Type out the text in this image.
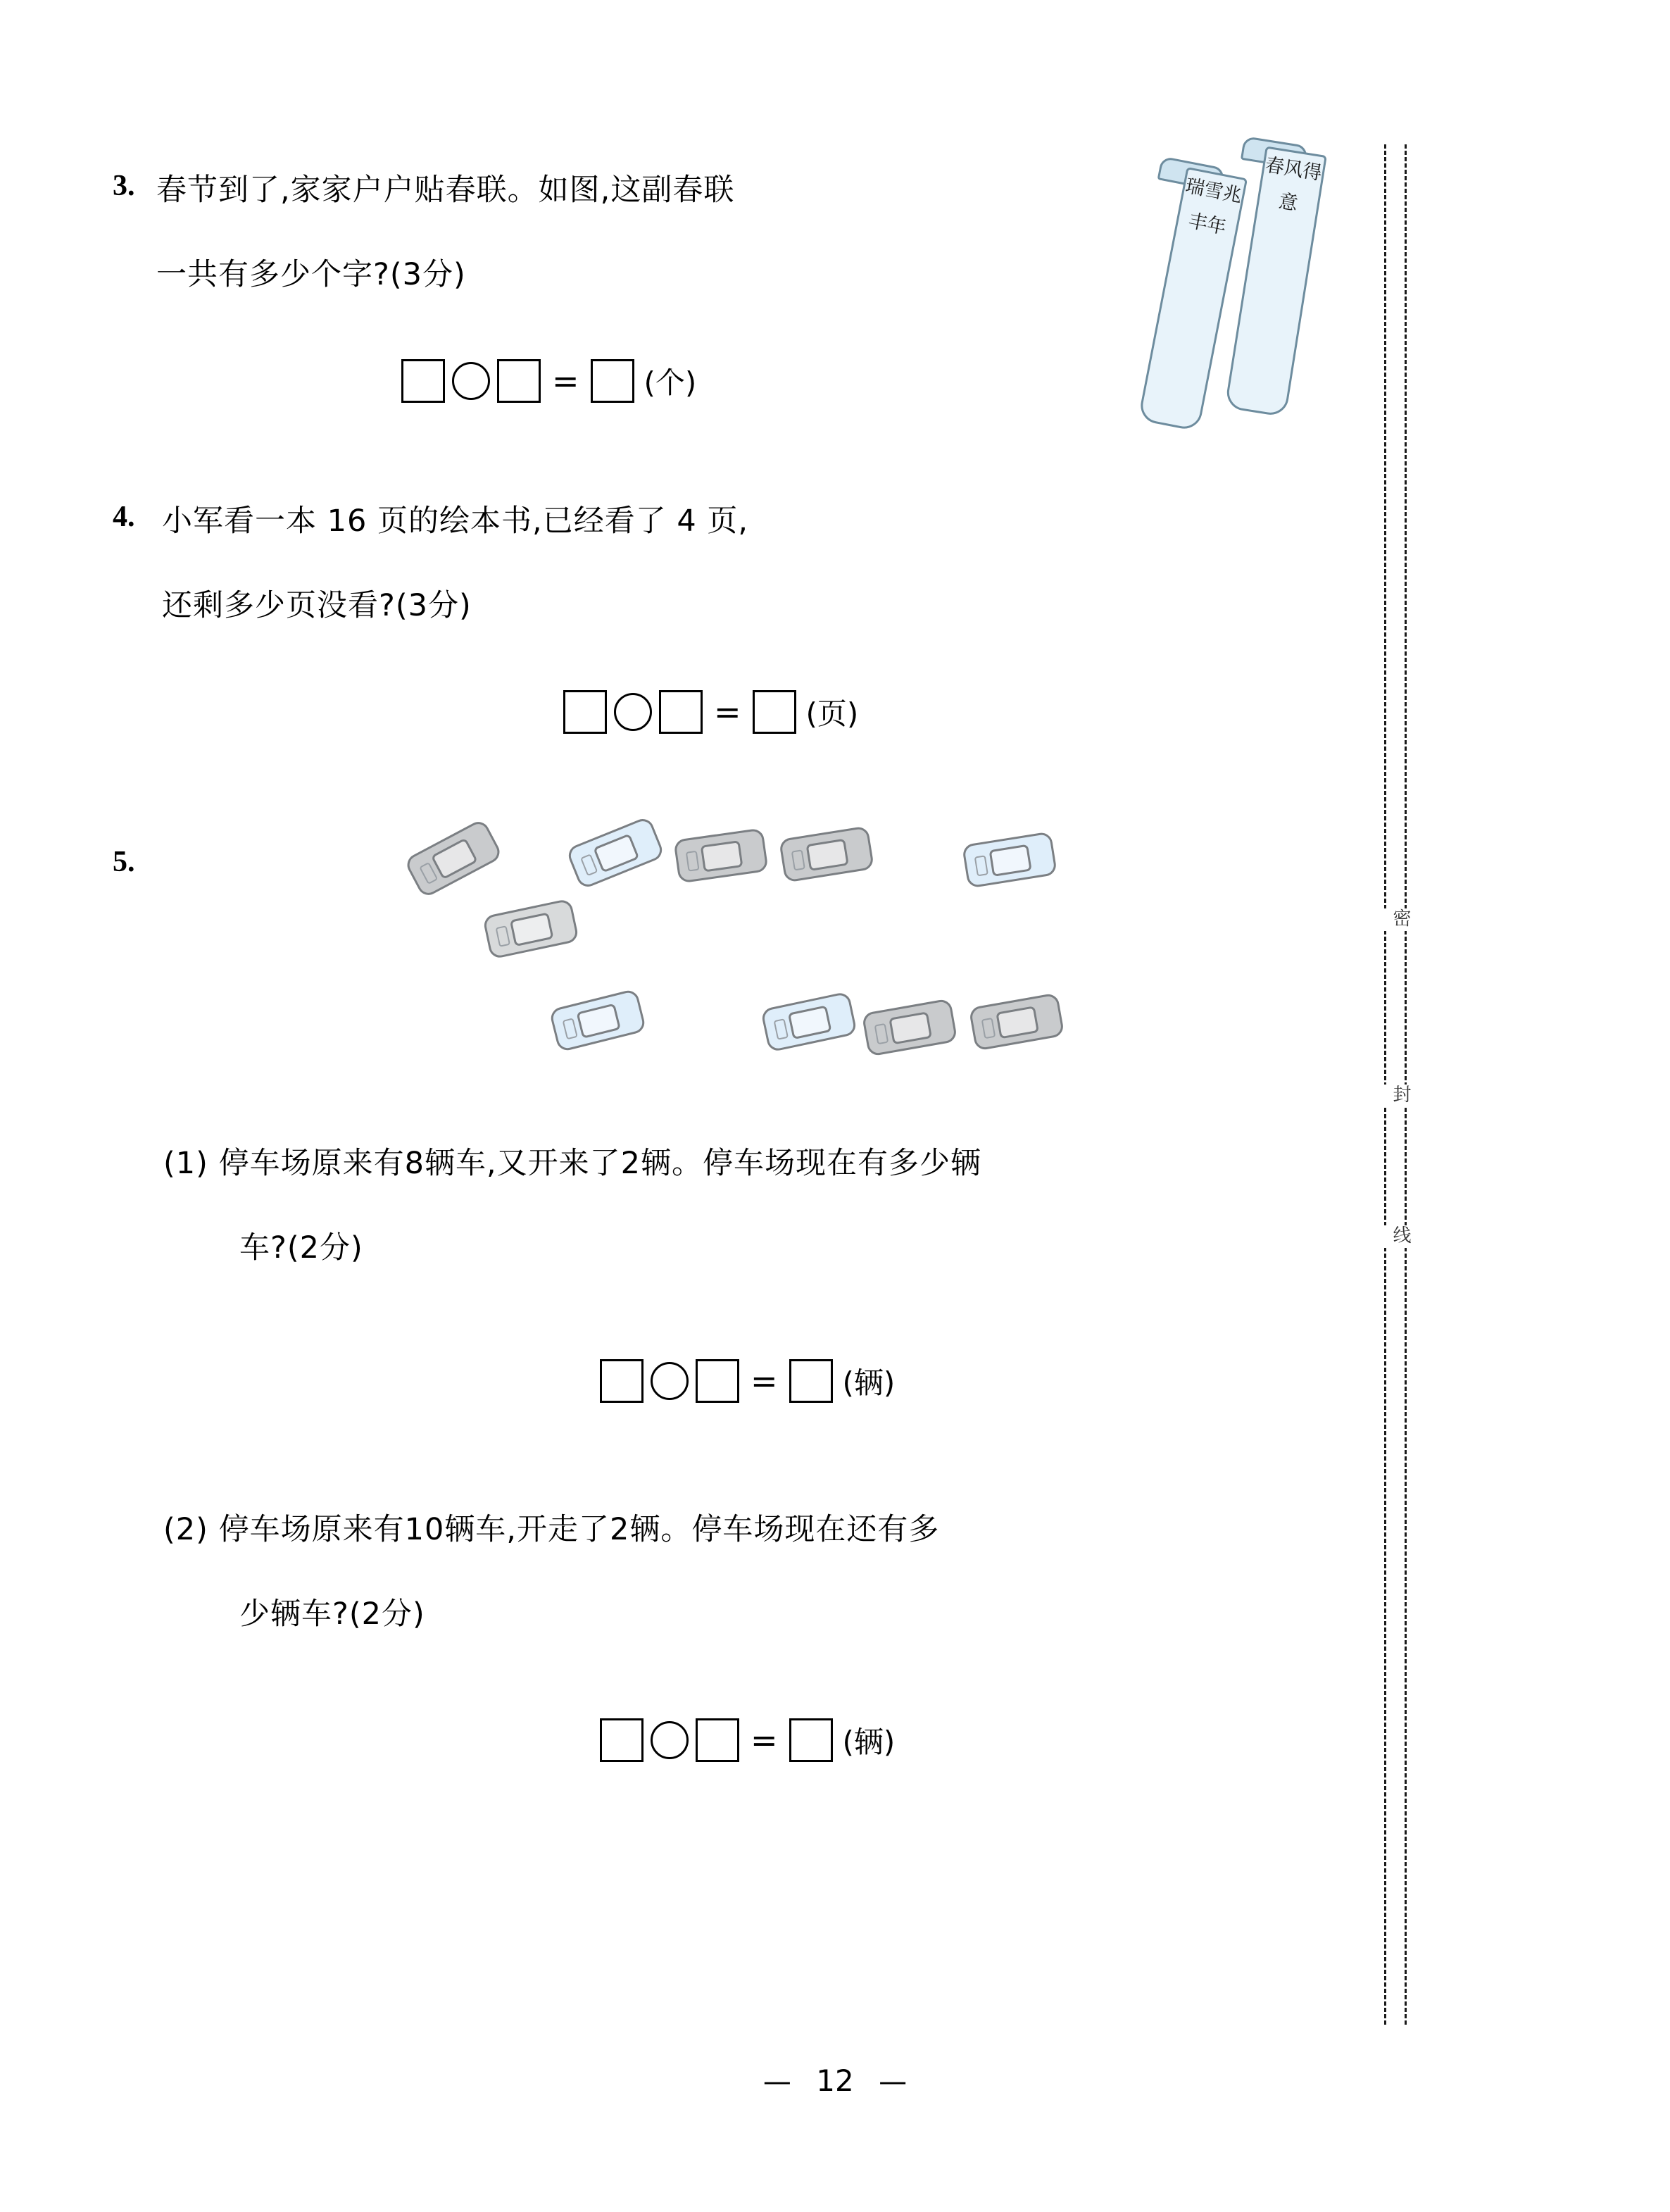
密
封
线
3. 春节到了,家家户户贴春联。如图,这副春联
一共有多少个字?(3分)
瑞雪兆丰年
春风得意
= (个)
4. 小军看一本 16 页的绘本书,已经看了 4 页,
还剩多少页没看?(3分)
= (页)
5.
(1) 停车场原来有8辆车,又开来了2辆。停车场现在有多少辆
车?(2分)
= (辆)
(2) 停车场原来有10辆车,开走了2辆。停车场现在还有多
少辆车?(2分)
= (辆)
— 12 —
